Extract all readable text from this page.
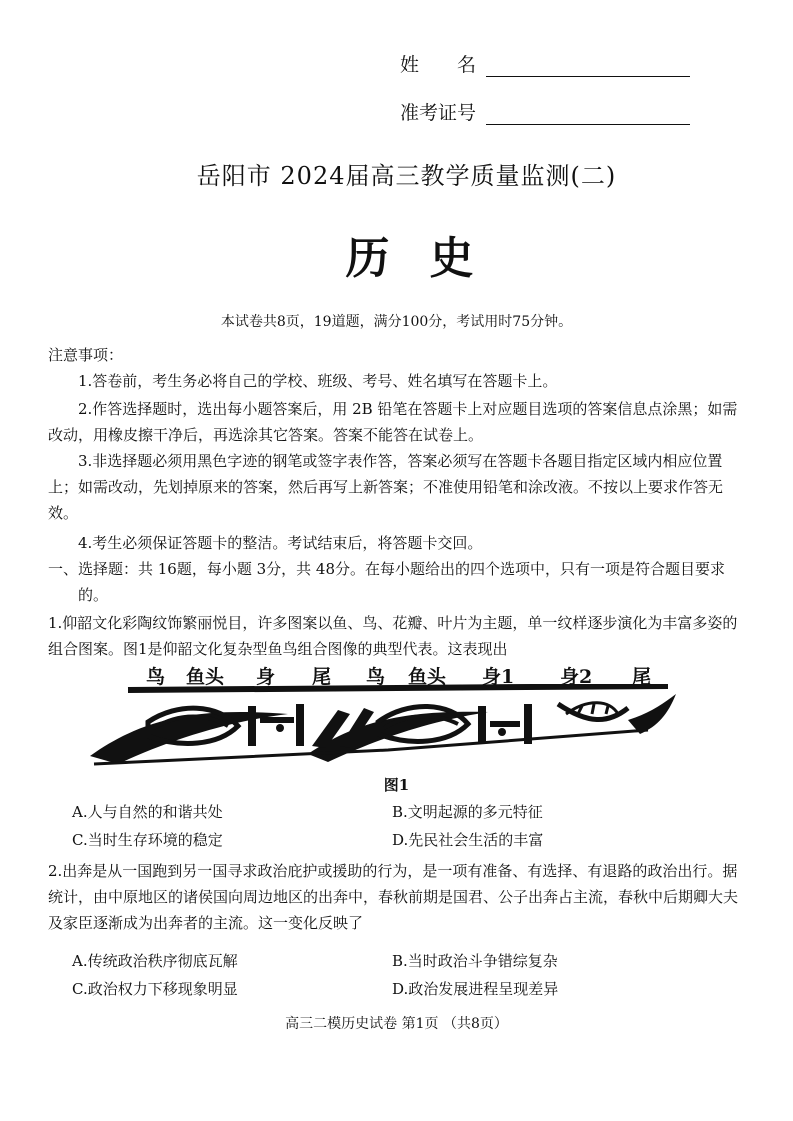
姓　　名
准考证号
岳阳市 2024届高三教学质量监测(二)
历史
本试卷共8页，19道题，满分100分，考试用时75分钟。
注意事项：
1.答卷前，考生务必将自己的学校、班级、考号、姓名填写在答题卡上。
2.作答选择题时，选出每小题答案后，用 2B 铅笔在答题卡上对应题目选项的答案信息点涂黑；如需改动，用橡皮擦干净后，再选涂其它答案。答案不能答在试卷上。
3.非选择题必须用黑色字迹的钢笔或签字表作答，答案必须写在答题卡各题目指定区域内相应位置上；如需改动，先划掉原来的答案，然后再写上新答案；不准使用铅笔和涂改液。不按以上要求作答无效。
4.考生必须保证答题卡的整洁。考试结束后，将答题卡交回。
一、选择题：共 16题，每小题 3分，共 48分。在每小题给出的四个选项中，只有一项是符合题目要求的。
1.仰韶文化彩陶纹饰繁丽悦目，许多图案以鱼、鸟、花瓣、叶片为主题，单一纹样逐步演化为丰富多姿的组合图案。图1是仰韶文化复杂型鱼鸟组合图像的典型代表。这表现出
鸟 鱼头 身 尾 鸟 鱼头 身1 身2 尾
图1
A.人与自然的和谐共处	B.文明起源的多元特征
C.当时生存环境的稳定	D.先民社会生活的丰富
2.出奔是从一国跑到另一国寻求政治庇护或援助的行为，是一项有准备、有选择、有退路的政治出行。据统计，由中原地区的诸侯国向周边地区的出奔中，春秋前期是国君、公子出奔占主流，春秋中后期卿大夫及家臣逐渐成为出奔者的主流。这一变化反映了
A.传统政治秩序彻底瓦解	B.当时政治斗争错综复杂
C.政治权力下移现象明显	D.政治发展进程呈现差异
高三二模历史试卷 第1页 （共8页）
